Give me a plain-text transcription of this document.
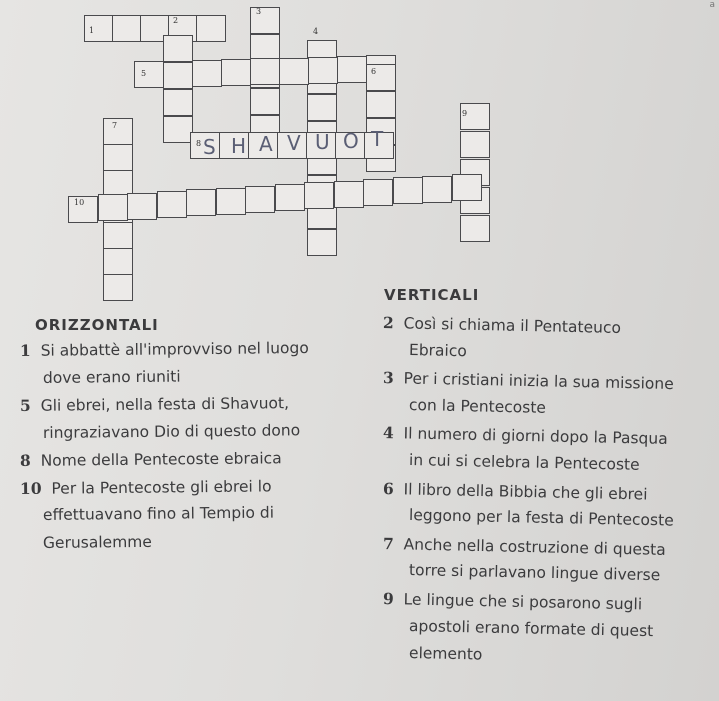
a
1
2
3
4
5	6
7
8
9
10
S H A V U O T
ORIZZONTALI
1 Si abbattè all'improvviso nel luogo
dove erano riuniti
5 Gli ebrei, nella festa di Shavuot,
ringraziavano Dio di questo dono
8 Nome della Pentecoste ebraica
10 Per la Pentecoste gli ebrei lo
effettuavano fino al Tempio di
Gerusalemme
VERTICALI
2 Così si chiama il Pentateuco
Ebraico
3 Per i cristiani inizia la sua missione
con la Pentecoste
4 Il numero di giorni dopo la Pasqua
in cui si celebra la Pentecoste
6 Il libro della Bibbia che gli ebrei
leggono per la festa di Pentecoste
7 Anche nella costruzione di questa
torre si parlavano lingue diverse
9 Le lingue che si posarono sugli
apostoli erano formate di quest
elemento
